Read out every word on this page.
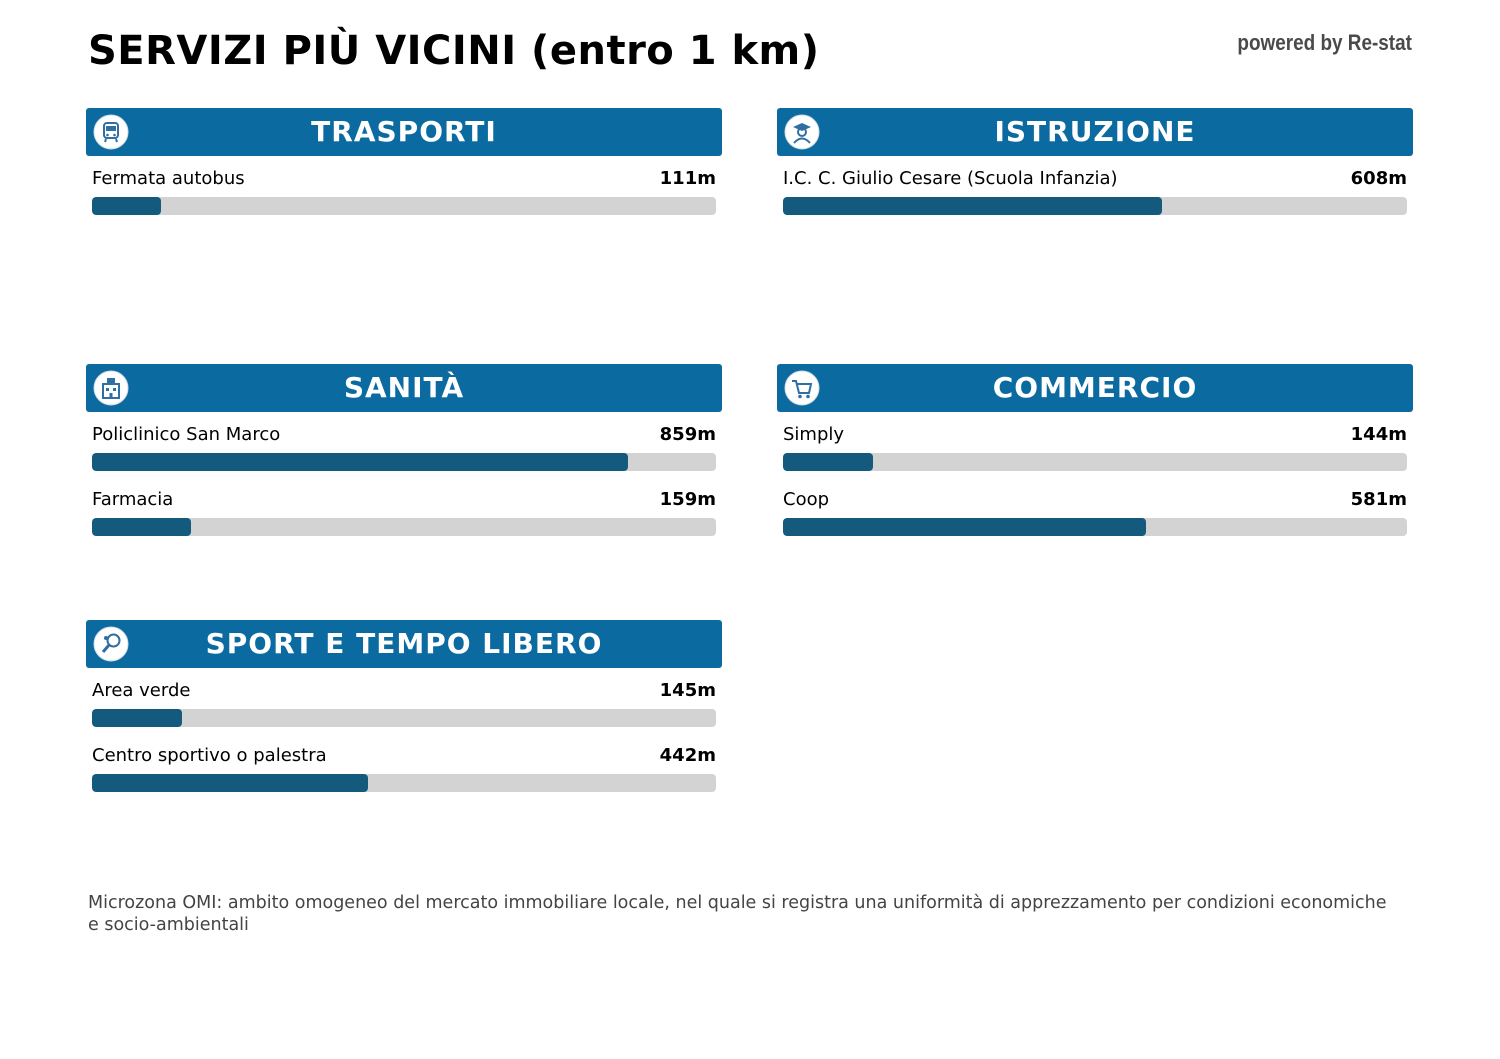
SERVIZI PIÙ VICINI (entro 1 km)	powered by Re-stat
TRASPORTI
Fermata autobus	111m
ISTRUZIONE
I.C. C. Giulio Cesare (Scuola Infanzia)	608m
SANITÀ
Policlinico San Marco	859m
Farmacia	159m
COMMERCIO
Simply	144m
Coop	581m
SPORT E TEMPO LIBERO
Area verde	145m
Centro sportivo o palestra	442m
Microzona OMI: ambito omogeneo del mercato immobiliare locale, nel quale si registra una uniformità di apprezzamento per condizioni economiche e socio-ambientali
